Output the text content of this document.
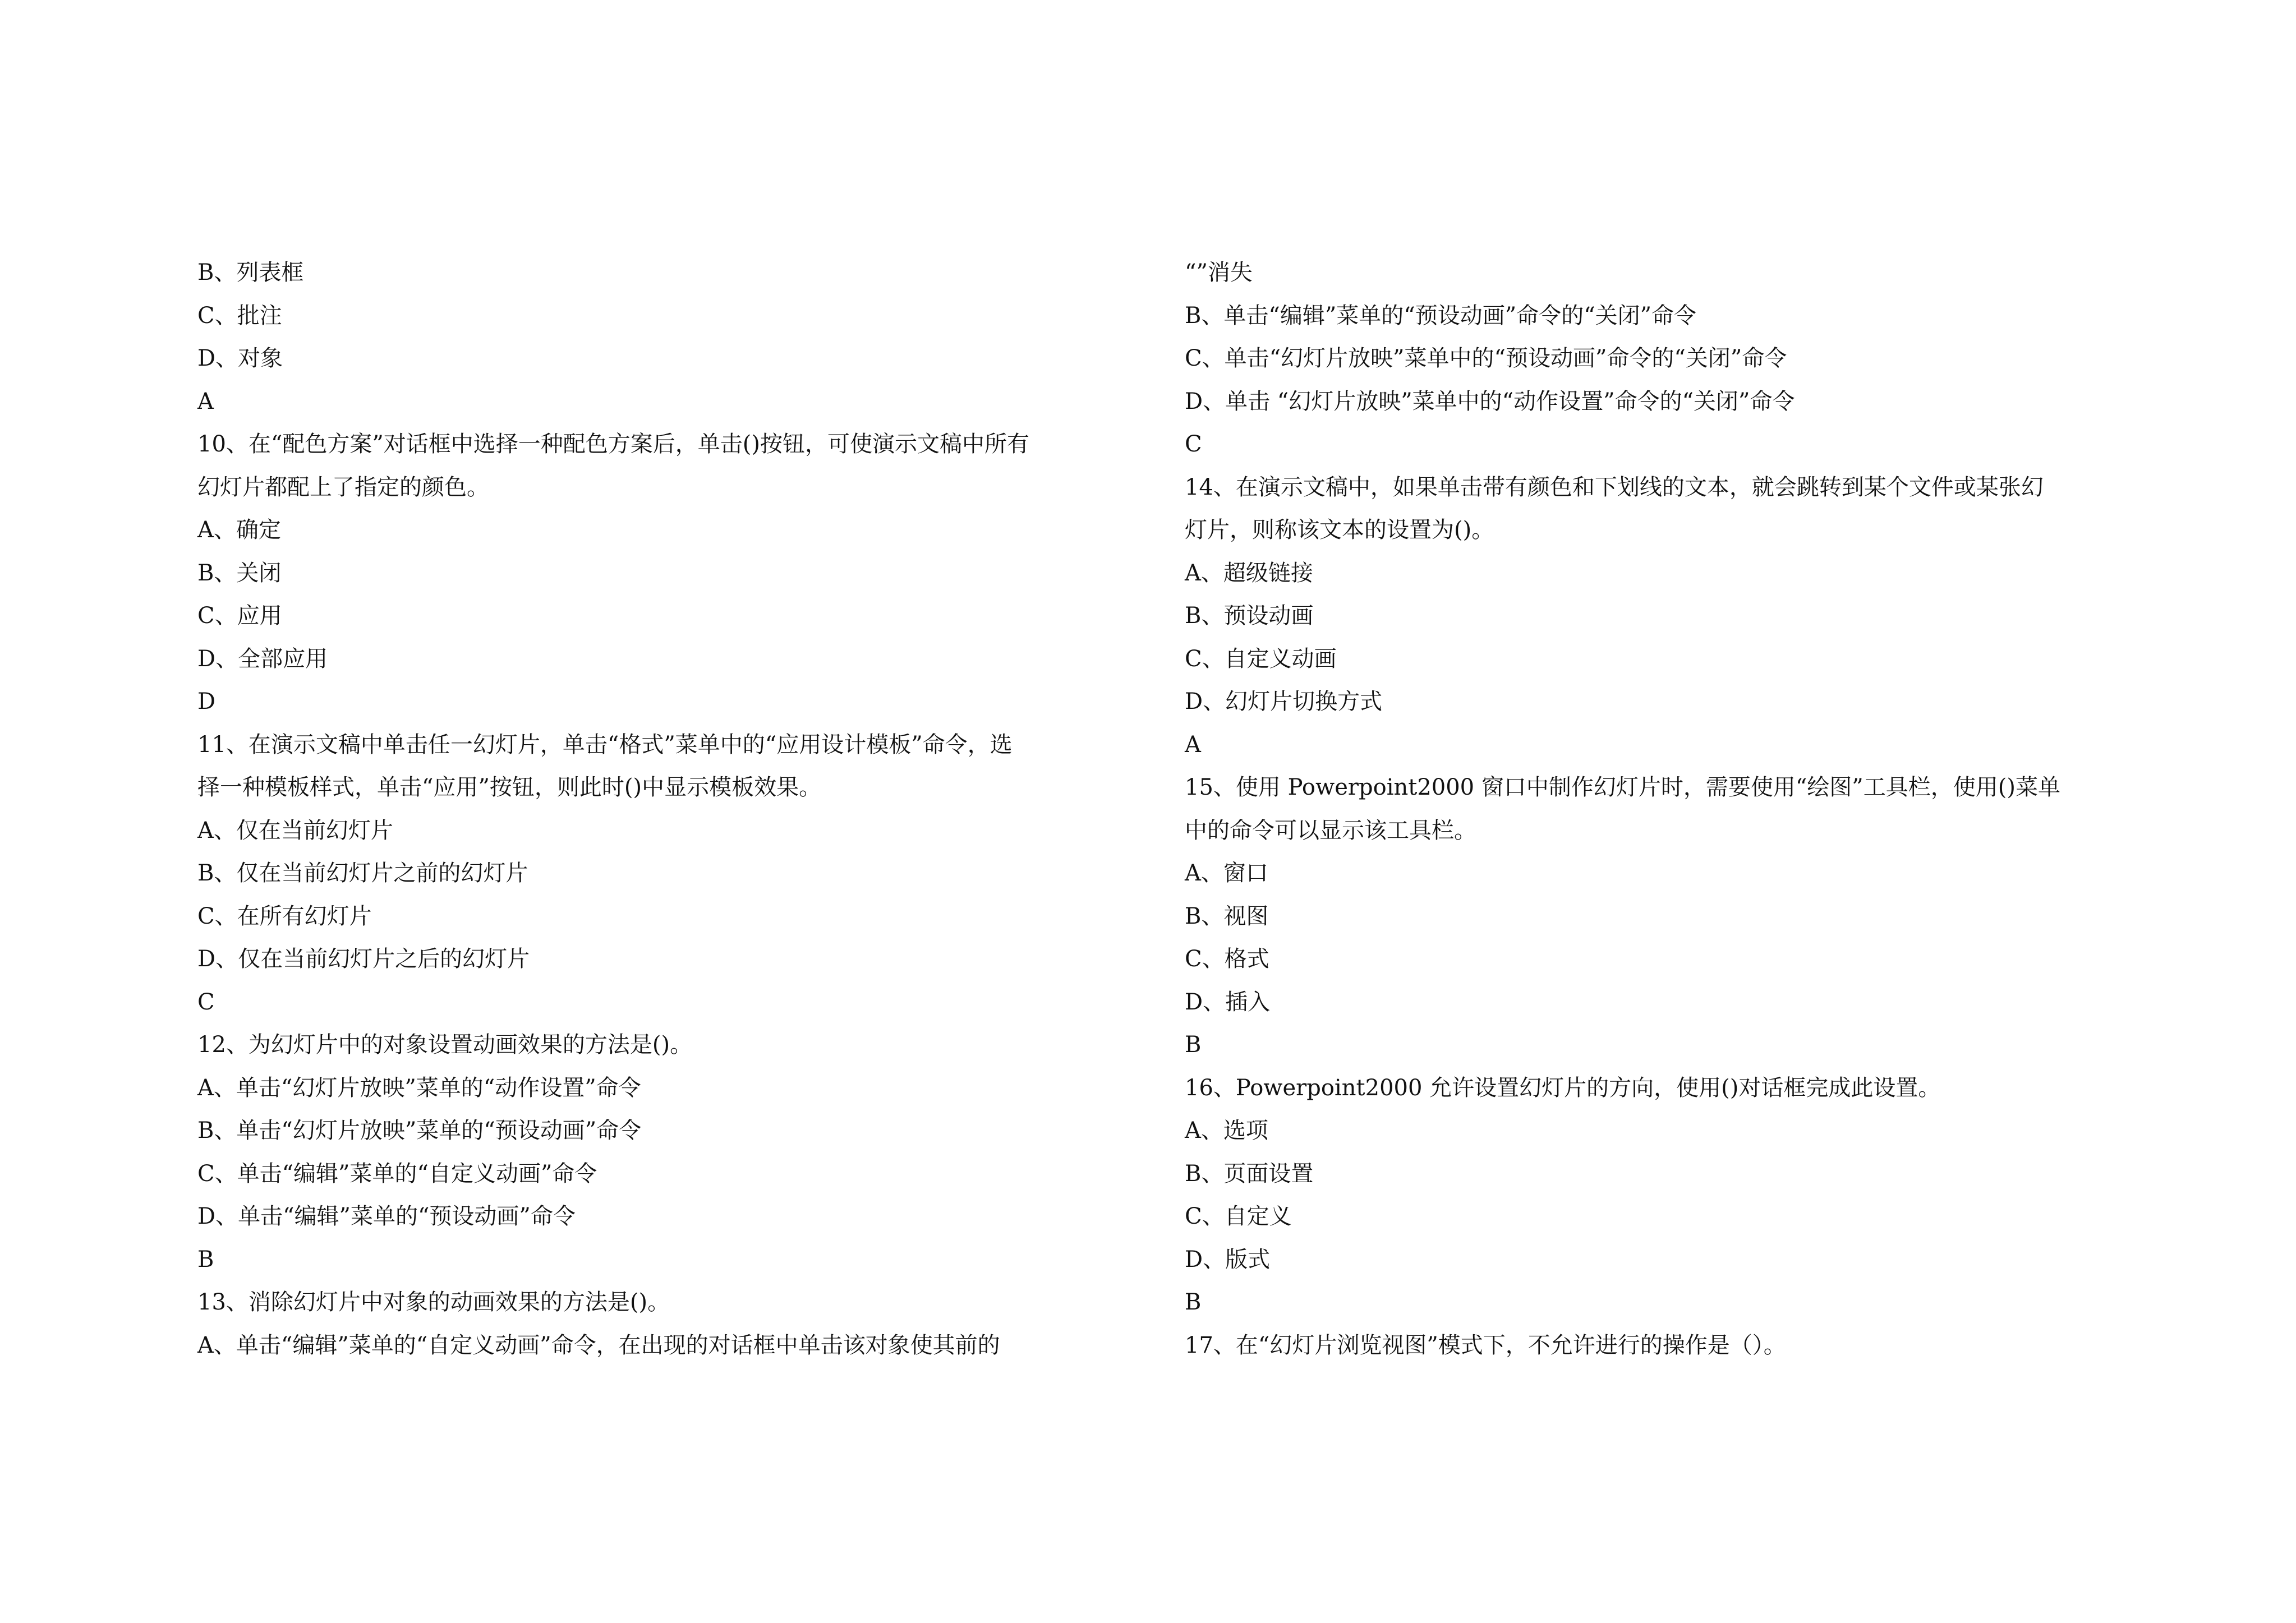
B、列表框
C、批注
D、对象
A
10、在“配色方案”对话框中选择一种配色方案后，单击()按钮，可使演示文稿中所有
幻灯片都配上了指定的颜色。
A、确定
B、关闭
C、应用
D、全部应用
D
11、在演示文稿中单击任一幻灯片，单击“格式”菜单中的“应用设计模板”命令，选
择一种模板样式，单击“应用”按钮，则此时()中显示模板效果。
A、仅在当前幻灯片
B、仅在当前幻灯片之前的幻灯片
C、在所有幻灯片
D、仅在当前幻灯片之后的幻灯片
C
12、为幻灯片中的对象设置动画效果的方法是()。
A、单击“幻灯片放映”菜单的“动作设置”命令
B、单击“幻灯片放映”菜单的“预设动画”命令
C、单击“编辑”菜单的“自定义动画”命令
D、单击“编辑”菜单的“预设动画”命令
B
13、消除幻灯片中对象的动画效果的方法是()。
A、单击“编辑”菜单的“自定义动画”命令，在出现的对话框中单击该对象使其前的
“”消失
B、单击“编辑”菜单的“预设动画”命令的“关闭”命令
C、单击“幻灯片放映”菜单中的“预设动画”命令的“关闭”命令
D、单击 “幻灯片放映”菜单中的“动作设置”命令的“关闭”命令
C
14、在演示文稿中，如果单击带有颜色和下划线的文本，就会跳转到某个文件或某张幻
灯片，则称该文本的设置为()。
A、超级链接
B、预设动画
C、自定义动画
D、幻灯片切换方式
A
15、使用 Powerpoint2000 窗口中制作幻灯片时，需要使用“绘图”工具栏，使用()菜单
中的命令可以显示该工具栏。
A、窗口
B、视图
C、格式
D、插入
B
16、Powerpoint2000 允许设置幻灯片的方向，使用()对话框完成此设置。
A、选项
B、页面设置
C、自定义
D、版式
B
17、在“幻灯片浏览视图”模式下，不允许进行的操作是（）。
